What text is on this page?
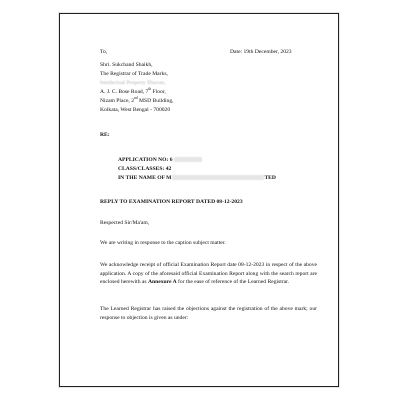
To,	Date: 19th December, 2023
Shri. Sukchand Shaikh,
The Registrar of Trade Marks,
Intellectual Property Bhavan,
A. J. C. Bose Road, 7th Floor,
Nizam Place, 2nd MSD Building,
Kolkata, West Bengal - 700020
RE:
APPLICATION NO: 6
CLASS/CLASSES: 42
IN THE NAME OF M	TED
REPLY TO EXAMINATION REPORT DATED 08-12-2023
Respected Sir/Ma'am,
We are writing in response to the caption subject matter.
We acknowledge receipt of official Examination Report date 08-12-2023 in respect of the above application. A copy of the aforesaid official Examination Report along with the search report are enclosed herewith as Annexure A for the ease of reference of the Learned Registrar.
The Learned Registrar has raised the objections against the registration of the above mark; our response to objection is given as under:
